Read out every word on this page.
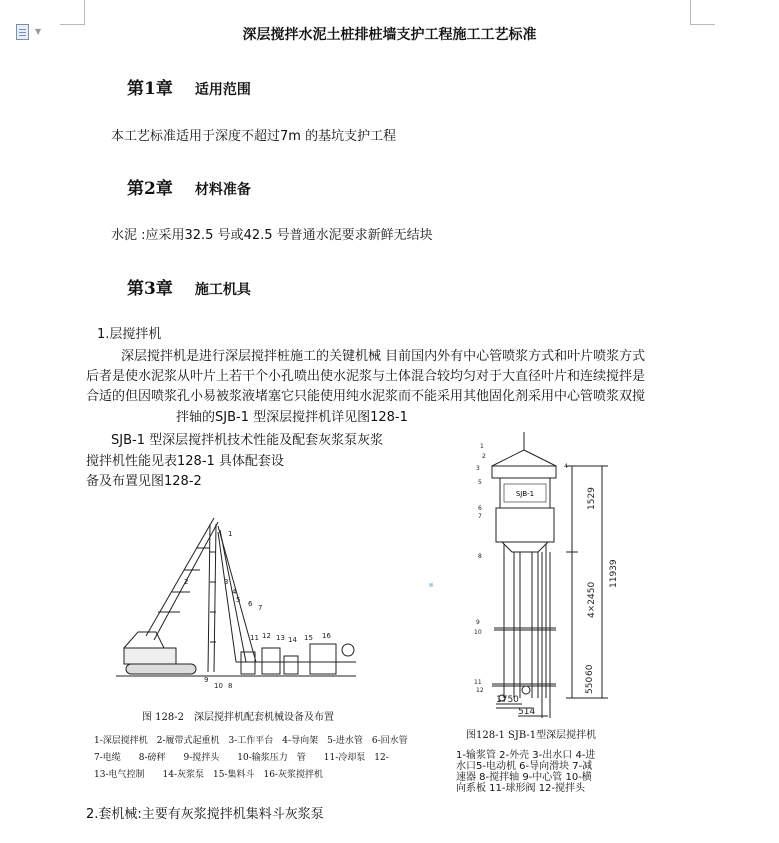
▼	深层搅拌水泥土桩排桩墙支护工程施工工艺标准
第1章 适用范围
本工艺标准适用于深度不超过7m 的基坑支护工程
第2章 材料准备
水泥 :应采用32.5 号或42.5 号普通水泥要求新鲜无结块
第3章 施工机具
1.层搅拌机
深层搅拌机是进行深层搅拌桩施工的关键机械 目前国内外有中心管喷浆方式和叶片喷浆方式
后者是使水泥浆从叶片上若干个小孔喷出使水泥浆与土体混合较均匀对于大直径叶片和连续搅拌是
合适的但因喷浆孔小易被浆液堵塞它只能使用纯水泥浆而不能采用其他固化剂采用中心管喷浆双搅
拌轴的SJB-1 型深层搅拌机详见图128-1
SJB-1 型深层搅拌机技术性能及配套灰浆泵灰浆
搅拌机性能见表128-1 具体配套设
备及布置见图128-2
1
2	3
4
5 6 7
8
9
10
11 12 13 14 15 16
图 128-2　深层搅拌机配套机械设备及布置
1-深层搅拌机　2-履带式起重机　3-工作平台　4-导向架　5-进水管　6-回水管
7-电缆　　8-磅秤　　9-搅拌头　　10-输浆压力　管　　11-冷却泵　12-
13-电气控制　　14-灰浆泵　15-集料斗　16-灰浆搅拌机
SJB-1	1529
11939
4×2450
60
550
1750
514
1
2
3	4
5
6
7
8
9
10
11
12
✦
图128-1 SJB-1型深层搅拌机
1-输浆管 2-外壳 3-出水口 4-进
水口5-电动机 6-导向滑块 7-减
速器 8-搅拌轴 9-中心管 10-横
向系板 11-球形阀 12-搅拌头
2.套机械:主要有灰浆搅拌机集料斗灰浆泵
